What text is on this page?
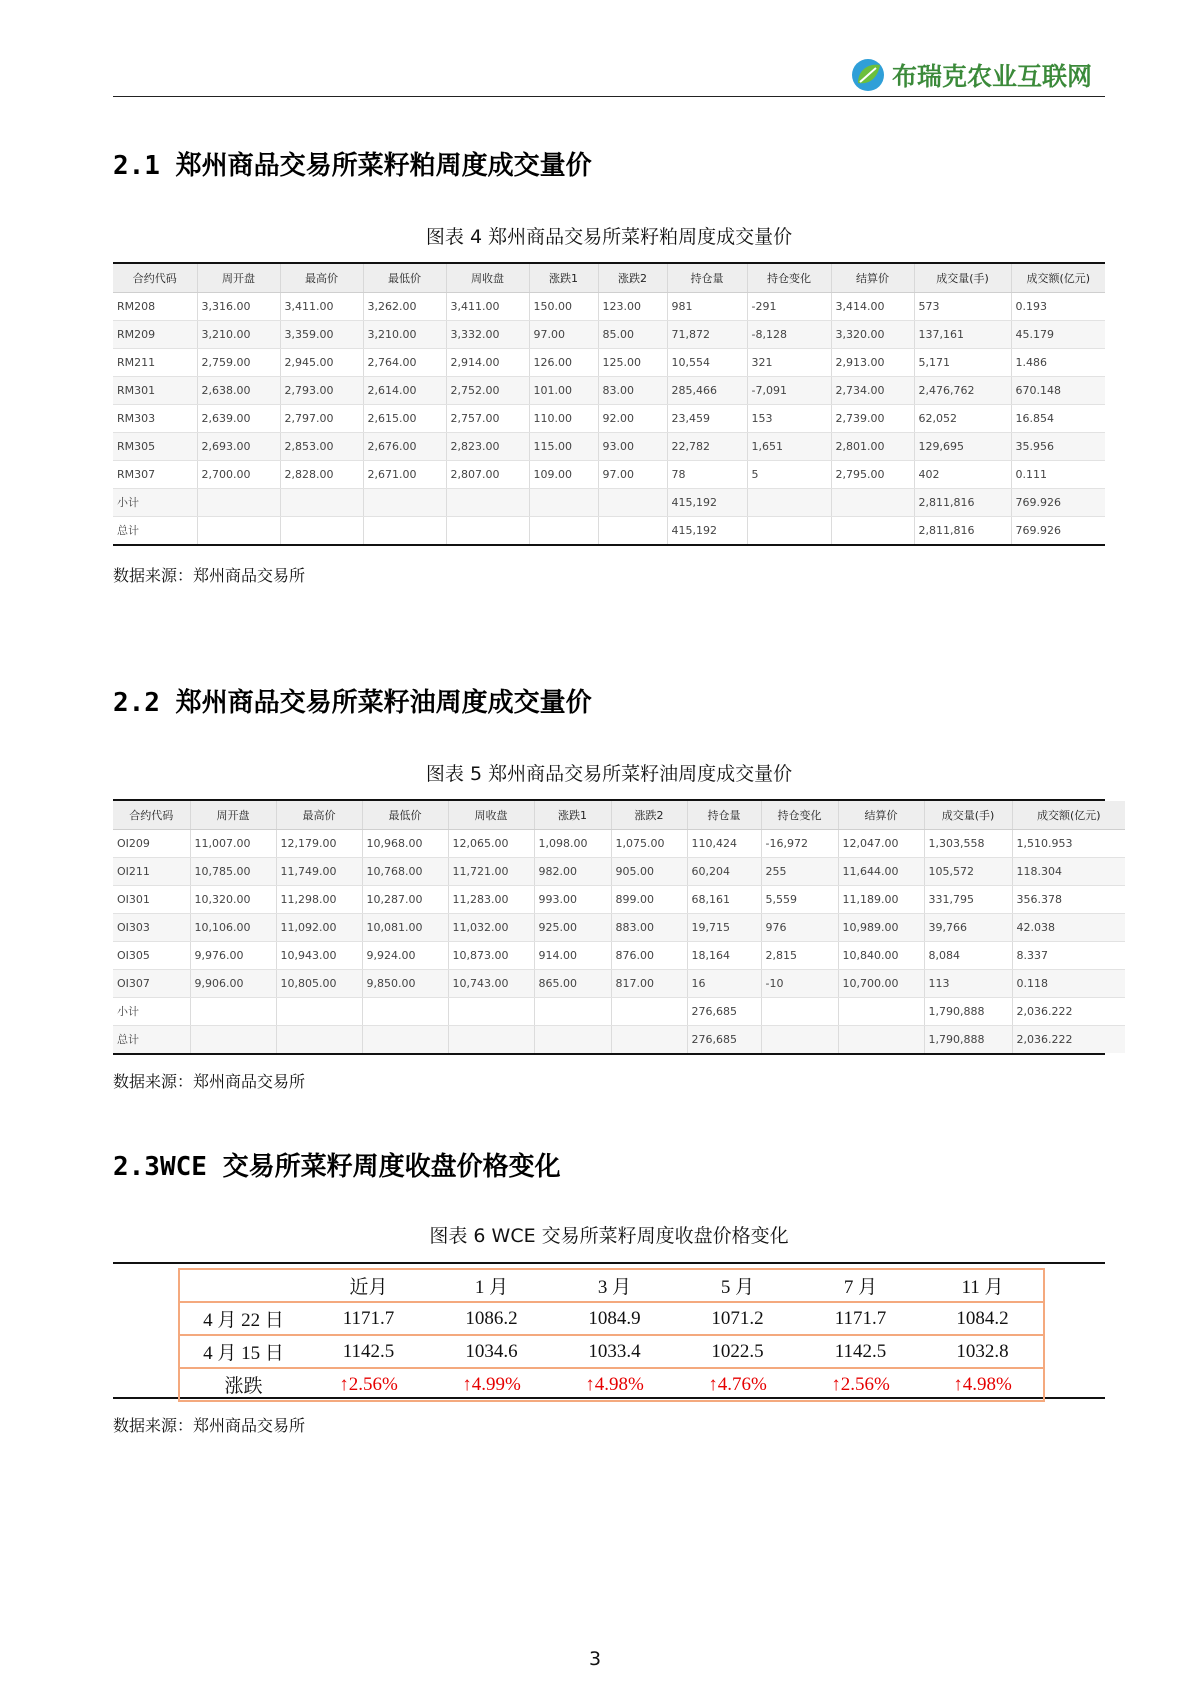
布瑞克农业互联网
2.1 郑州商品交易所菜籽粕周度成交量价
图表 4 郑州商品交易所菜籽粕周度成交量价
合约代码	周开盘	最高价	最低价	周收盘	涨跌1	涨跌2	持仓量	持仓变化	结算价	成交量(手)	成交额(亿元)
RM208	3,316.00	3,411.00	3,262.00	3,411.00	150.00	123.00	981	-291	3,414.00	573	0.193
RM209	3,210.00	3,359.00	3,210.00	3,332.00	97.00	85.00	71,872	-8,128	3,320.00	137,161	45.179
RM211	2,759.00	2,945.00	2,764.00	2,914.00	126.00	125.00	10,554	321	2,913.00	5,171	1.486
RM301	2,638.00	2,793.00	2,614.00	2,752.00	101.00	83.00	285,466	-7,091	2,734.00	2,476,762	670.148
RM303	2,639.00	2,797.00	2,615.00	2,757.00	110.00	92.00	23,459	153	2,739.00	62,052	16.854
RM305	2,693.00	2,853.00	2,676.00	2,823.00	115.00	93.00	22,782	1,651	2,801.00	129,695	35.956
RM307	2,700.00	2,828.00	2,671.00	2,807.00	109.00	97.00	78	5	2,795.00	402	0.111
小计							415,192			2,811,816	769.926
总计							415,192			2,811,816	769.926
数据来源：郑州商品交易所
2.2 郑州商品交易所菜籽油周度成交量价
图表 5 郑州商品交易所菜籽油周度成交量价
合约代码	周开盘	最高价	最低价	周收盘	涨跌1	涨跌2	持仓量	持仓变化	结算价	成交量(手)	成交额(亿元)
OI209	11,007.00	12,179.00	10,968.00	12,065.00	1,098.00	1,075.00	110,424	-16,972	12,047.00	1,303,558	1,510.953
OI211	10,785.00	11,749.00	10,768.00	11,721.00	982.00	905.00	60,204	255	11,644.00	105,572	118.304
OI301	10,320.00	11,298.00	10,287.00	11,283.00	993.00	899.00	68,161	5,559	11,189.00	331,795	356.378
OI303	10,106.00	11,092.00	10,081.00	11,032.00	925.00	883.00	19,715	976	10,989.00	39,766	42.038
OI305	9,976.00	10,943.00	9,924.00	10,873.00	914.00	876.00	18,164	2,815	10,840.00	8,084	8.337
OI307	9,906.00	10,805.00	9,850.00	10,743.00	865.00	817.00	16	-10	10,700.00	113	0.118
小计							276,685			1,790,888	2,036.222
总计							276,685			1,790,888	2,036.222
数据来源：郑州商品交易所
2.3WCE 交易所菜籽周度收盘价格变化
图表 6 WCE 交易所菜籽周度收盘价格变化
	近月	1 月	3 月	5 月	7 月	11 月
4 月 22 日	1171.7	1086.2	1084.9	1071.2	1171.7	1084.2
4 月 15 日	1142.5	1034.6	1033.4	1022.5	1142.5	1032.8
涨跌	↑2.56%	↑4.99%	↑4.98%	↑4.76%	↑2.56%	↑4.98%
数据来源：郑州商品交易所
3
